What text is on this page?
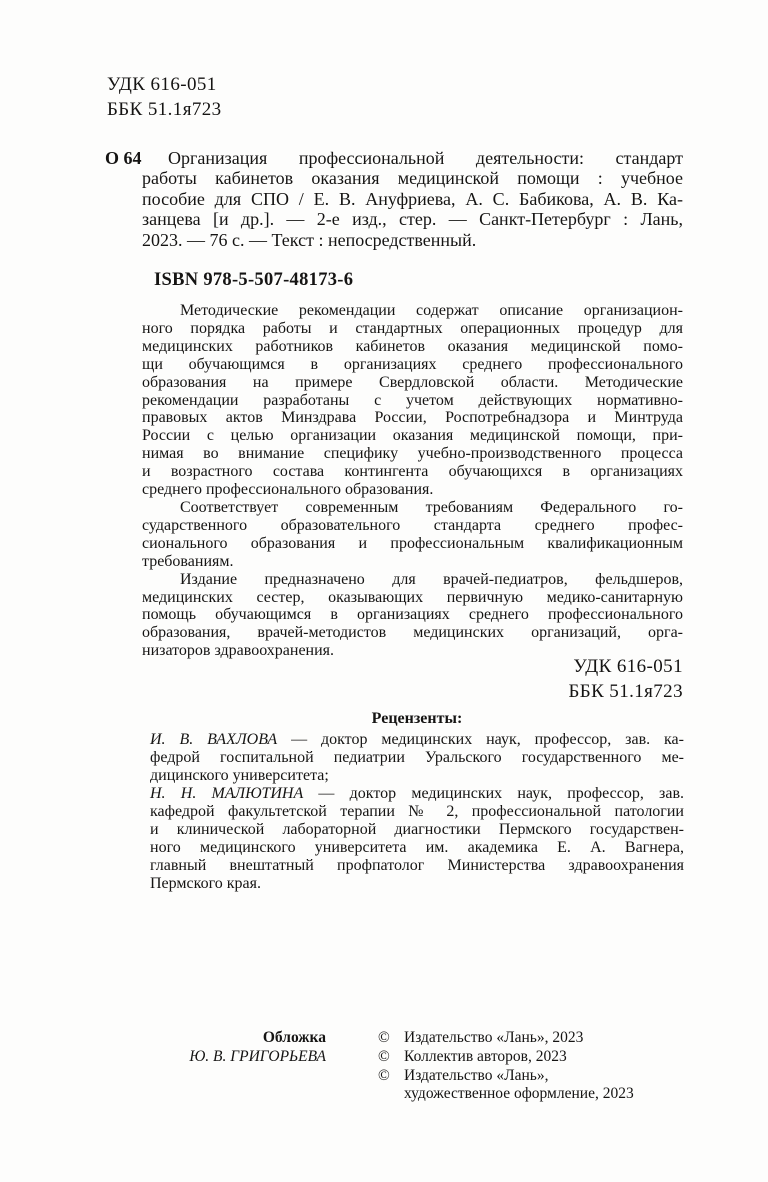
УДК 616-051
ББК 51.1я723
О 64	Организация профессиональной деятельности: стандарт
работы кабинетов оказания медицинской помощи : учебное
пособие для СПО / Е. В. Ануфриева, А. С. Бабикова, А. В. Ка-
занцева [и др.]. — 2-е изд., стер. — Санкт-Петербург : Лань,
2023. — 76 с. — Текст : непосредственный.
ISBN 978-5-507-48173-6
Методические рекомендации содержат описание организацион-
ного порядка работы и стандартных операционных процедур для
медицинских работников кабинетов оказания медицинской помо-
щи обучающимся в организациях среднего профессионального
образования на примере Свердловской области. Методические
рекомендации разработаны с учетом действующих нормативно-
правовых актов Минздрава России, Роспотребнадзора и Минтруда
России с целью организации оказания медицинской помощи, при-
нимая во внимание специфику учебно-производственного процесса
и возрастного состава контингента обучающихся в организациях
среднего профессионального образования.
Соответствует современным требованиям Федерального го-
сударственного образовательного стандарта среднего профес-
сионального образования и профессиональным квалификационным
требованиям.
Издание предназначено для врачей-педиатров, фельдшеров,
медицинских сестер, оказывающих первичную медико-санитарную
помощь обучающимся в организациях среднего профессионального
образования, врачей-методистов медицинских организаций, орга-
низаторов здравоохранения.
УДК 616-051
ББК 51.1я723
Рецензенты:
И. В. ВАХЛОВА — доктор медицинских наук, профессор, зав. ка-
федрой госпитальной педиатрии Уральского государственного ме-
дицинского университета;
Н. Н. МАЛЮТИНА — доктор медицинских наук, профессор, зав.
кафедрой факультетской терапии № 2, профессиональной патологии
и клинической лабораторной диагностики Пермского государствен-
ного медицинского университета им. академика Е. А. Вагнера,
главный внештатный профпатолог Министерства здравоохранения
Пермского края.
Обложка
Ю. В. ГРИГОРЬЕВА
© Издательство «Лань», 2023
© Коллектив авторов, 2023
© Издательство «Лань»,
художественное оформление, 2023
